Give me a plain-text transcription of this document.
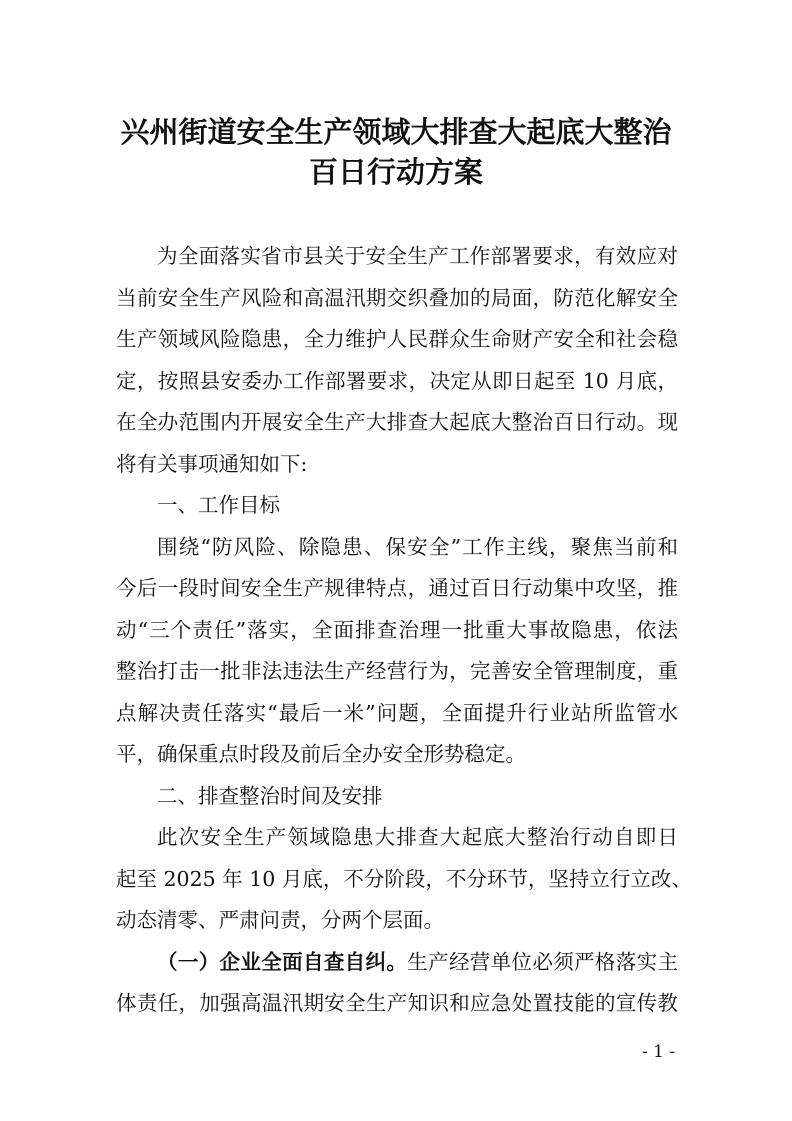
兴州街道安全生产领域大排查大起底大整治
百日行动方案
为全面落实省市县关于安全生产工作部署要求，有效应对
当前安全生产风险和高温汛期交织叠加的局面，防范化解安全
生产领域风险隐患，全力维护人民群众生命财产安全和社会稳
定，按照县安委办工作部署要求，决定从即日起至 10 月底，
在全办范围内开展安全生产大排查大起底大整治百日行动。现
将有关事项通知如下:
一、工作目标
围绕“防风险、除隐患、保安全”工作主线，聚焦当前和
今后一段时间安全生产规律特点，通过百日行动集中攻坚，推
动“三个责任”落实，全面排查治理一批重大事故隐患，依法
整治打击一批非法违法生产经营行为，完善安全管理制度，重
点解决责任落实“最后一米”问题，全面提升行业站所监管水
平，确保重点时段及前后全办安全形势稳定。
二、排查整治时间及安排
此次安全生产领域隐患大排查大起底大整治行动自即日
起至 2025 年 10 月底，不分阶段，不分环节，坚持立行立改、
动态清零、严肃问责，分两个层面。
（一）企业全面自查自纠。生产经营单位必须严格落实主
体责任，加强高温汛期安全生产知识和应急处置技能的宣传教
- 1 -
